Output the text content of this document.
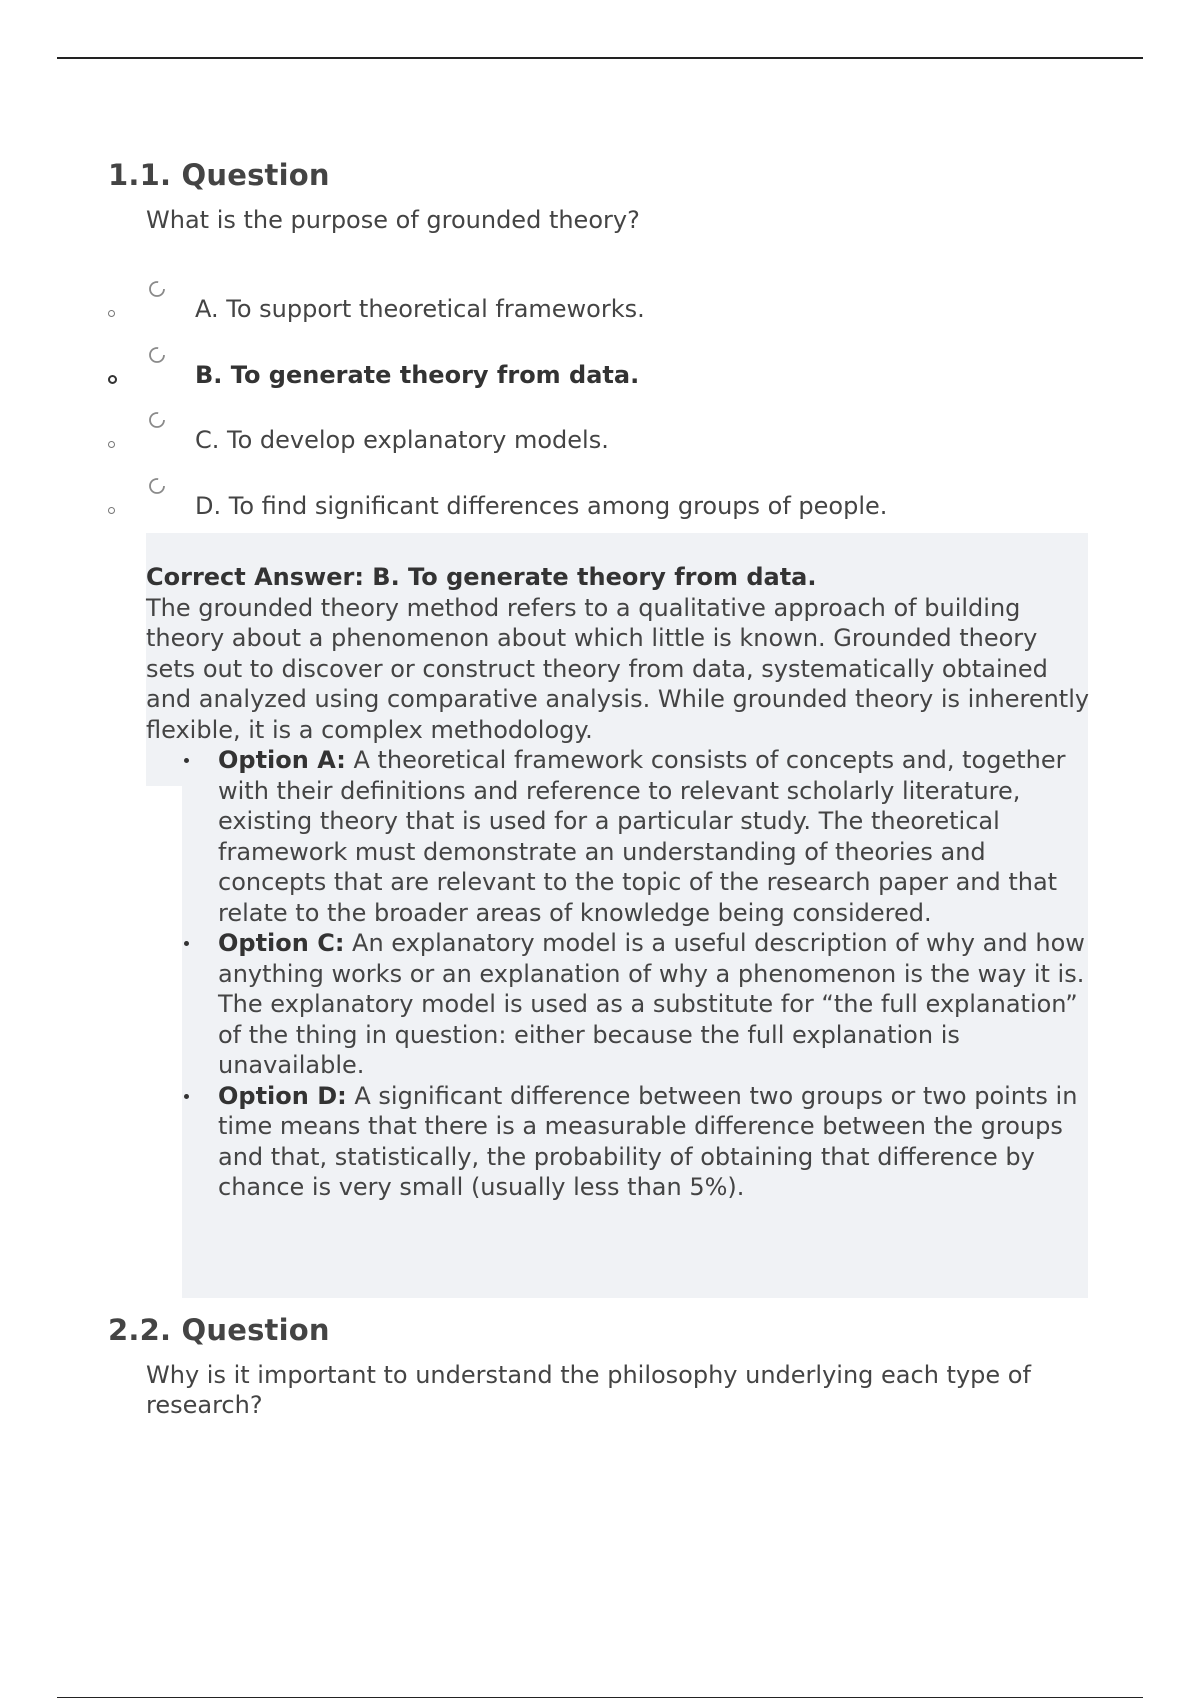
1.1. Question

What is the purpose of grounded theory?

A. To support theoretical frameworks.
B. To generate theory from data.
C. To develop explanatory models.
D. To find significant differences among groups of people.

Correct Answer: B. To generate theory from data.

The grounded theory method refers to a qualitative approach of building theory about a phenomenon about which little is known. Grounded theory sets out to discover or construct theory from data, systematically obtained and analyzed using comparative analysis. While grounded theory is inherently flexible, it is a complex methodology.

Option A: A theoretical framework consists of concepts and, together with their definitions and reference to relevant scholarly literature, existing theory that is used for a particular study. The theoretical framework must demonstrate an understanding of theories and concepts that are relevant to the topic of the research paper and that relate to the broader areas of knowledge being considered.
Option C: An explanatory model is a useful description of why and how anything works or an explanation of why a phenomenon is the way it is. The explanatory model is used as a substitute for “the full explanation” of the thing in question: either because the full explanation is unavailable.
Option D: A significant difference between two groups or two points in time means that there is a measurable difference between the groups and that, statistically, the probability of obtaining that difference by chance is very small (usually less than 5%).
2.2. Question

Why is it important to understand the philosophy underlying each type of research?
